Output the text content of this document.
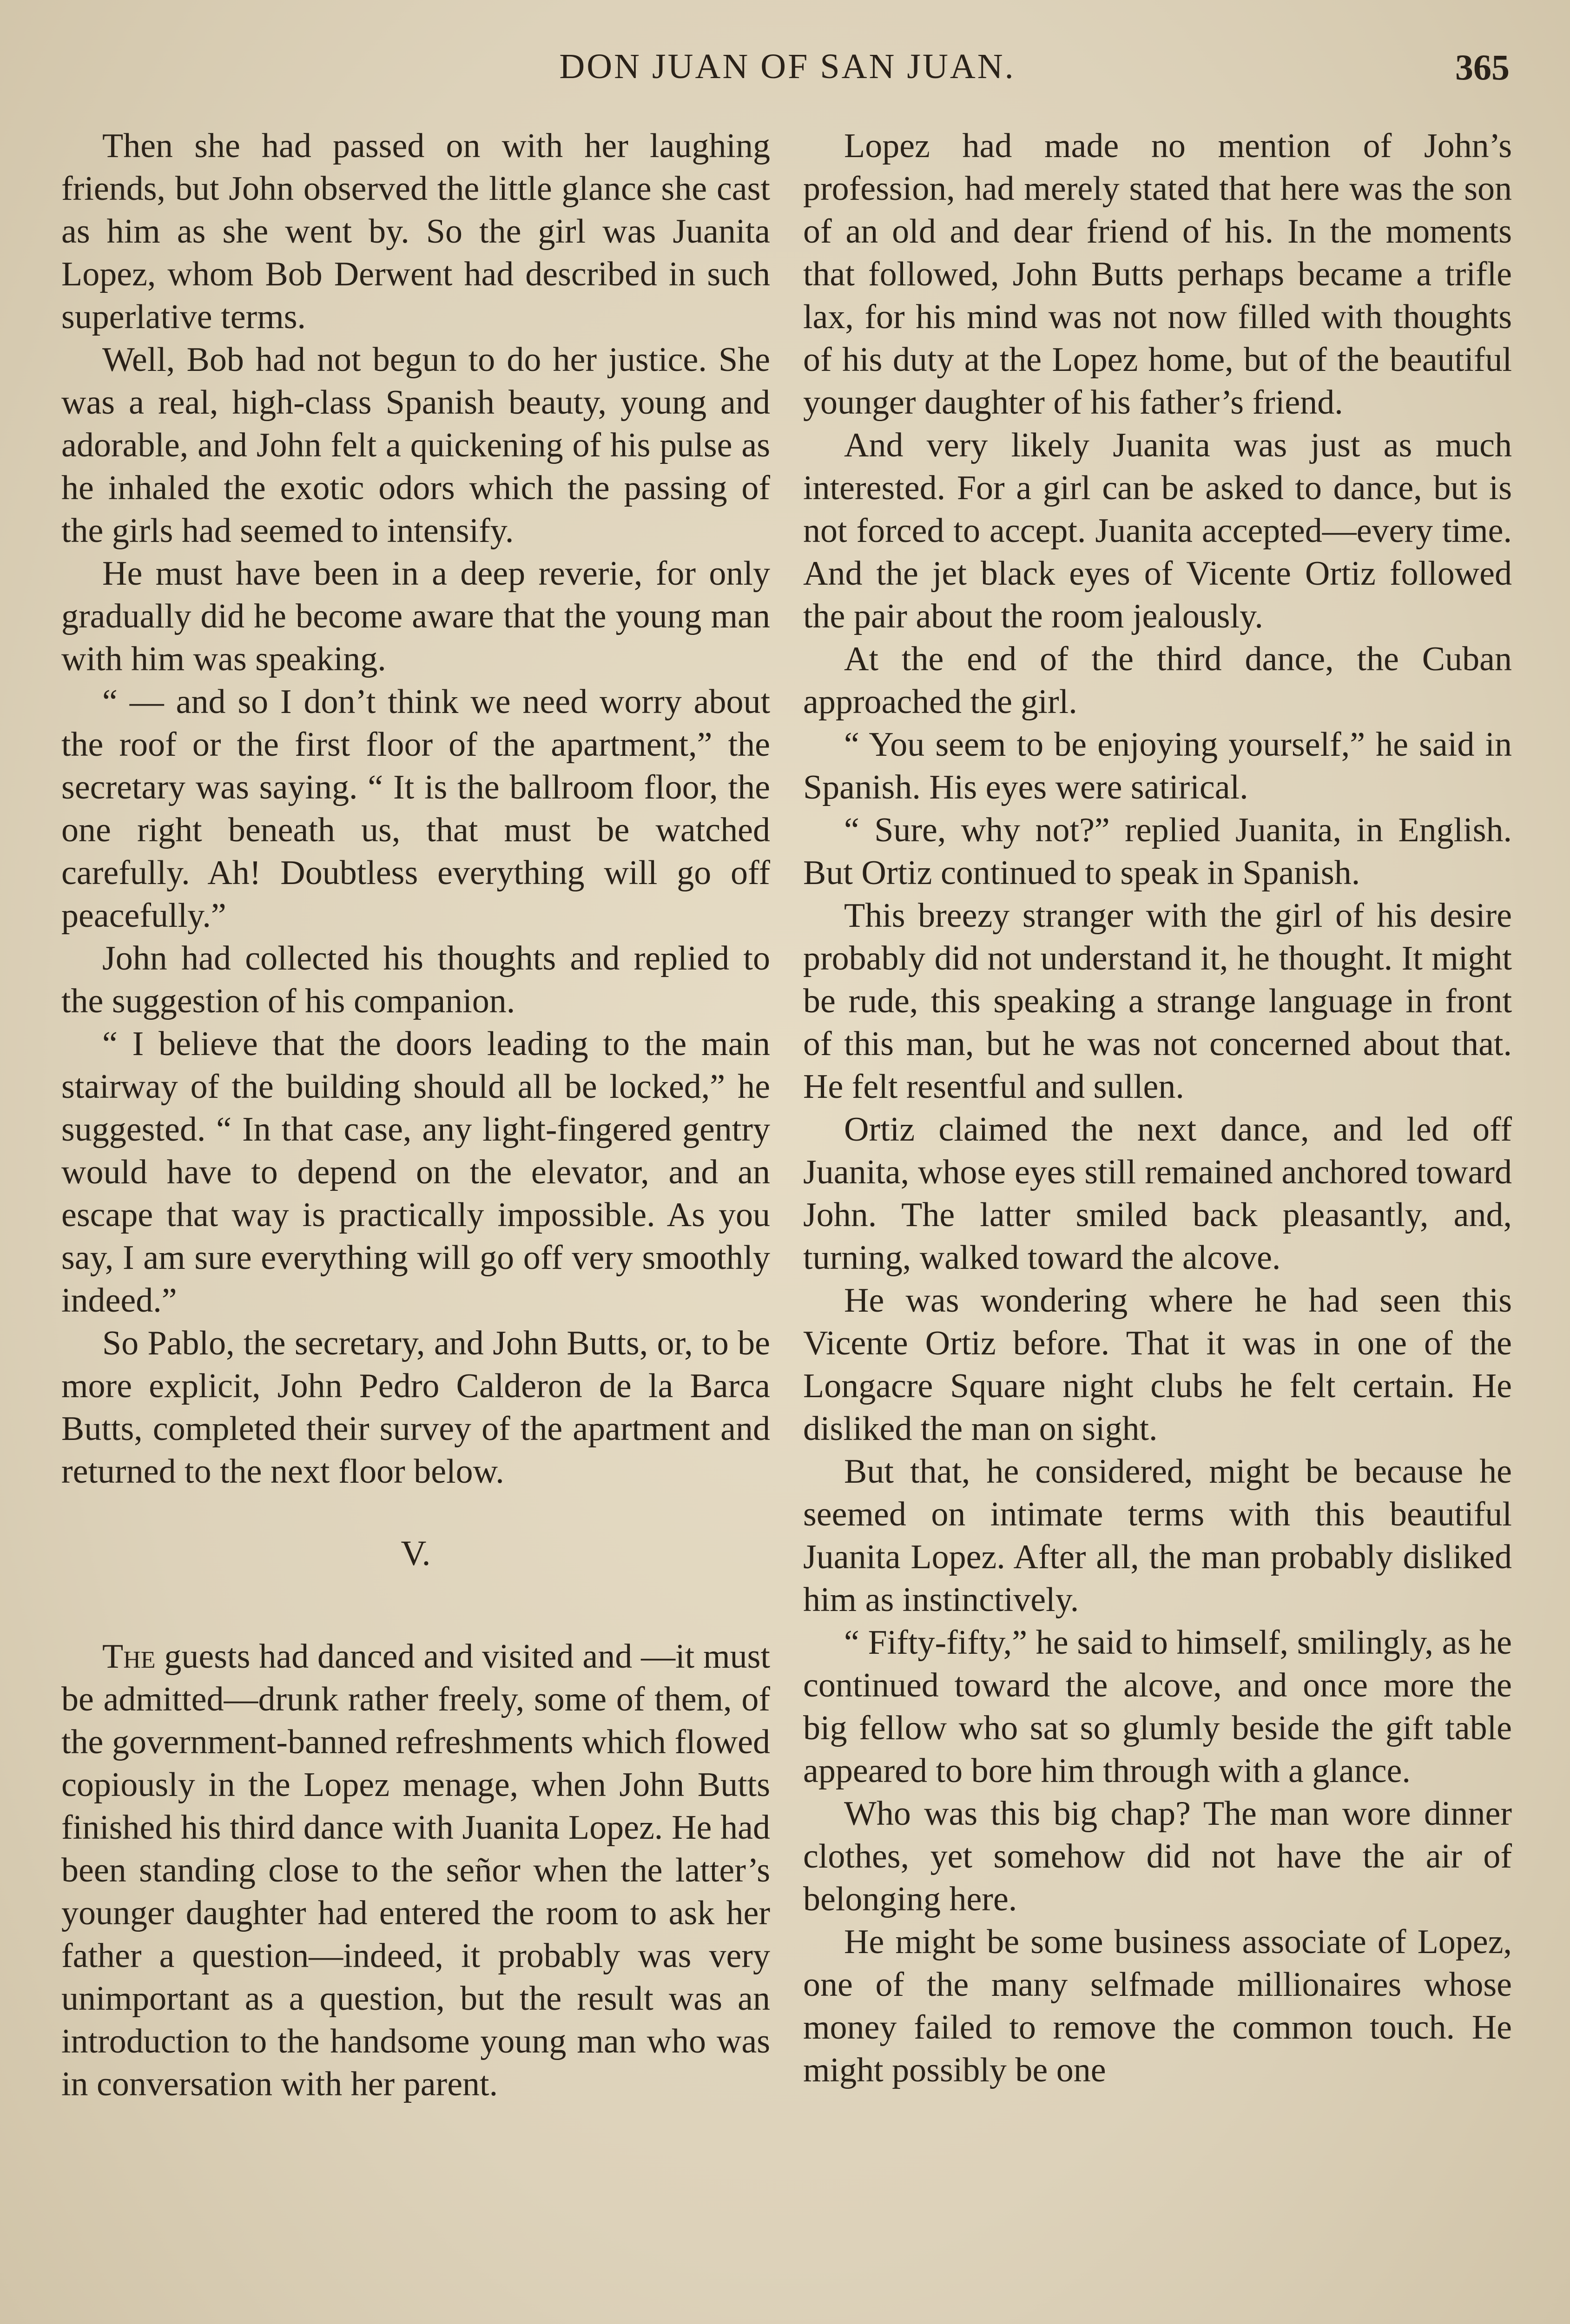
DON JUAN OF SAN JUAN.	365

Then she had passed on with her laughing friends, but John observed the little glance she cast as him as she went by. So the girl was Juanita Lopez, whom Bob Derwent had described in such superlative terms.

Well, Bob had not begun to do her justice. She was a real, high-class Spanish beauty, young and adorable, and John felt a quickening of his pulse as he inhaled the exotic odors which the passing of the girls had seemed to intensify.

He must have been in a deep reverie, for only gradually did he become aware that the young man with him was speaking.

“ — and so I don’t think we need worry about the roof or the first floor of the apartment,” the secretary was saying. “ It is the ballroom floor, the one right beneath us, that must be watched carefully. Ah! Doubtless everything will go off peacefully.”

John had collected his thoughts and replied to the suggestion of his companion.

“ I believe that the doors leading to the main stairway of the building should all be locked,” he suggested. “ In that case, any light-fingered gentry would have to depend on the elevator, and an escape that way is practically impossible. As you say, I am sure everything will go off very smoothly indeed.”

So Pablo, the secretary, and John Butts, or, to be more explicit, John Pedro Calderon de la Barca Butts, completed their survey of the apartment and returned to the next floor below.

V.

The guests had danced and visited and —it must be admitted—drunk rather freely, some of them, of the government-banned refreshments which flowed copiously in the Lopez menage, when John Butts finished his third dance with Juanita Lopez. He had been standing close to the señor when the latter’s younger daughter had entered the room to ask her father a question—indeed, it probably was very unimportant as a question, but the result was an introduction to the handsome young man who was in conversation with her parent.

Lopez had made no mention of John’s profession, had merely stated that here was the son of an old and dear friend of his. In the moments that followed, John Butts perhaps became a trifle lax, for his mind was not now filled with thoughts of his duty at the Lopez home, but of the beautiful younger daughter of his father’s friend.

And very likely Juanita was just as much interested. For a girl can be asked to dance, but is not forced to accept. Juanita accepted—every time. And the jet black eyes of Vicente Ortiz followed the pair about the room jealously.

At the end of the third dance, the Cuban approached the girl.

“ You seem to be enjoying yourself,” he said in Spanish. His eyes were satirical.

“ Sure, why not?” replied Juanita, in English. But Ortiz continued to speak in Spanish.

This breezy stranger with the girl of his desire probably did not understand it, he thought. It might be rude, this speaking a strange language in front of this man, but he was not concerned about that. He felt resentful and sullen.

Ortiz claimed the next dance, and led off Juanita, whose eyes still remained anchored toward John. The latter smiled back pleasantly, and, turning, walked toward the alcove.

He was wondering where he had seen this Vicente Ortiz before. That it was in one of the Longacre Square night clubs he felt certain. He disliked the man on sight.

But that, he considered, might be because he seemed on intimate terms with this beautiful Juanita Lopez. After all, the man probably disliked him as instinctively.

“ Fifty-fifty,” he said to himself, smilingly, as he continued toward the alcove, and once more the big fellow who sat so glumly beside the gift table appeared to bore him through with a glance.

Who was this big chap? The man wore dinner clothes, yet somehow did not have the air of belonging here.

He might be some business associate of Lopez, one of the many selfmade millionaires whose money failed to remove the common touch. He might possibly be one
